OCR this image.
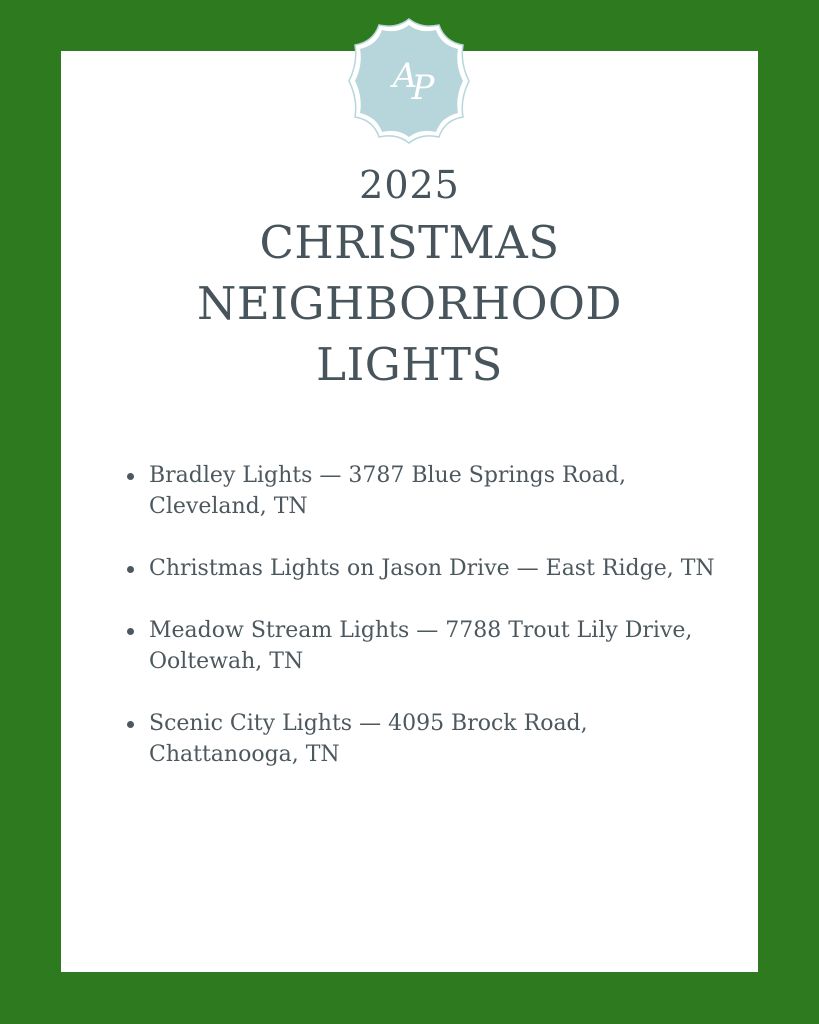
A
P
2025
CHRISTMAS
NEIGHBORHOOD
LIGHTS
Bradley Lights — 3787 Blue Springs Road, Cleveland, TN
Christmas Lights on Jason Drive — East Ridge, TN
Meadow Stream Lights — 7788 Trout Lily Drive, Ooltewah, TN
Scenic City Lights — 4095 Brock Road, Chattanooga, TN
